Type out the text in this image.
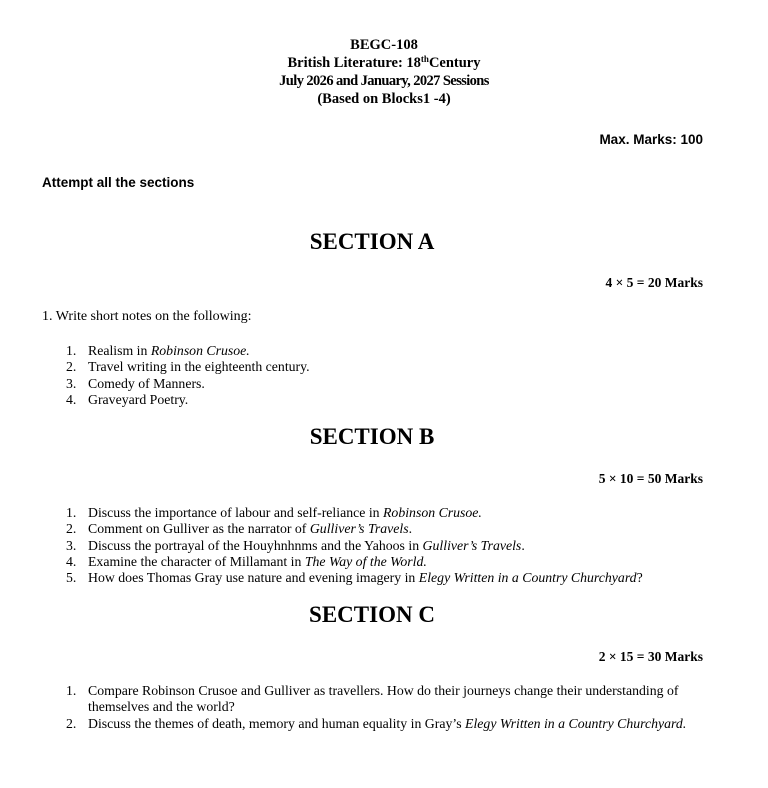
BEGC-108
British Literature: 18thCentury
July 2026 and January, 2027 Sessions
(Based on Blocks1 -4)
Max. Marks: 100
Attempt all the sections
SECTION A
4 × 5 = 20 Marks
1. Write short notes on the following:
1. Realism in Robinson Crusoe.
2. Travel writing in the eighteenth century.
3. Comedy of Manners.
4. Graveyard Poetry.
SECTION B
5 × 10 = 50 Marks
1. Discuss the importance of labour and self-reliance in Robinson Crusoe.
2. Comment on Gulliver as the narrator of Gulliver’s Travels.
3. Discuss the portrayal of the Houyhnhnms and the Yahoos in Gulliver’s Travels.
4. Examine the character of Millamant in The Way of the World.
5. How does Thomas Gray use nature and evening imagery in Elegy Written in a Country Churchyard?
SECTION C
2 × 15 = 30 Marks
1. Compare Robinson Crusoe and Gulliver as travellers. How do their journeys change their understanding of themselves and the world?
2. Discuss the themes of death, memory and human equality in Gray’s Elegy Written in a Country Churchyard.
